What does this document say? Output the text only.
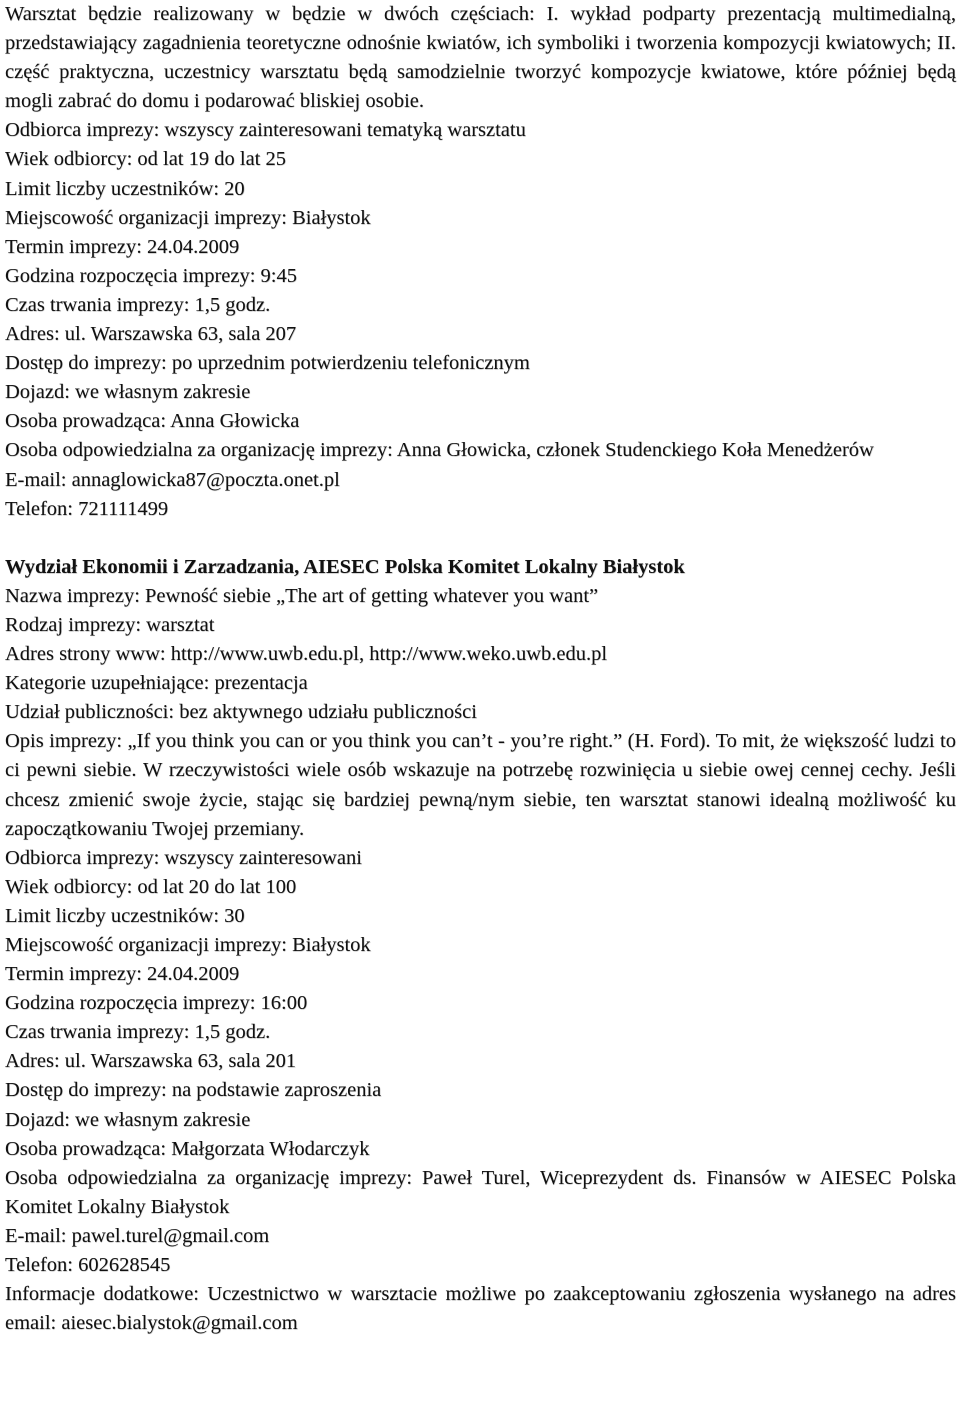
Warsztat będzie realizowany w będzie w dwóch częściach: I. wykład podparty prezentacją multimedialną, przedstawiający zagadnienia teoretyczne odnośnie kwiatów, ich symboliki i tworzenia kompozycji kwiatowych; II. część praktyczna, uczestnicy warsztatu będą samodzielnie tworzyć kompozycje kwiatowe, które później będą mogli zabrać do domu i podarować bliskiej osobie.
Odbiorca imprezy: wszyscy zainteresowani tematyką warsztatu
Wiek odbiorcy: od lat 19 do lat 25
Limit liczby uczestników: 20
Miejscowość organizacji imprezy: Białystok
Termin imprezy: 24.04.2009
Godzina rozpoczęcia imprezy: 9:45
Czas trwania imprezy: 1,5 godz.
Adres: ul. Warszawska 63, sala 207
Dostęp do imprezy: po uprzednim potwierdzeniu telefonicznym
Dojazd: we własnym zakresie
Osoba prowadząca: Anna Głowicka
Osoba odpowiedzialna za organizację imprezy: Anna Głowicka, członek Studenckiego Koła Menedżerów
E-mail: annaglowicka87@poczta.onet.pl
Telefon: 721111499
Wydział Ekonomii i Zarzadzania, AIESEC Polska Komitet Lokalny Białystok
Nazwa imprezy: Pewność siebie „The art of getting whatever you want”
Rodzaj imprezy: warsztat
Adres strony www: http://www.uwb.edu.pl, http://www.weko.uwb.edu.pl
Kategorie uzupełniające: prezentacja
Udział publiczności: bez aktywnego udziału publiczności
Opis imprezy: „If you think you can or you think you can’t - you’re right.” (H. Ford). To mit, że większość ludzi to ci pewni siebie. W rzeczywistości wiele osób wskazuje na potrzebę rozwinięcia u siebie owej cennej cechy. Jeśli chcesz zmienić swoje życie, stając się bardziej pewną/nym siebie, ten warsztat stanowi idealną możliwość ku zapoczątkowaniu Twojej przemiany.
Odbiorca imprezy: wszyscy zainteresowani
Wiek odbiorcy: od lat 20 do lat 100
Limit liczby uczestników: 30
Miejscowość organizacji imprezy: Białystok
Termin imprezy: 24.04.2009
Godzina rozpoczęcia imprezy: 16:00
Czas trwania imprezy: 1,5 godz.
Adres: ul. Warszawska 63, sala 201
Dostęp do imprezy: na podstawie zaproszenia
Dojazd: we własnym zakresie
Osoba prowadząca: Małgorzata Włodarczyk
Osoba odpowiedzialna za organizację imprezy: Paweł Turel, Wiceprezydent ds. Finansów w AIESEC Polska Komitet Lokalny Białystok
E-mail: pawel.turel@gmail.com
Telefon: 602628545
Informacje dodatkowe: Uczestnictwo w warsztacie możliwe po zaakceptowaniu zgłoszenia wysłanego na adres email: aiesec.bialystok@gmail.com
